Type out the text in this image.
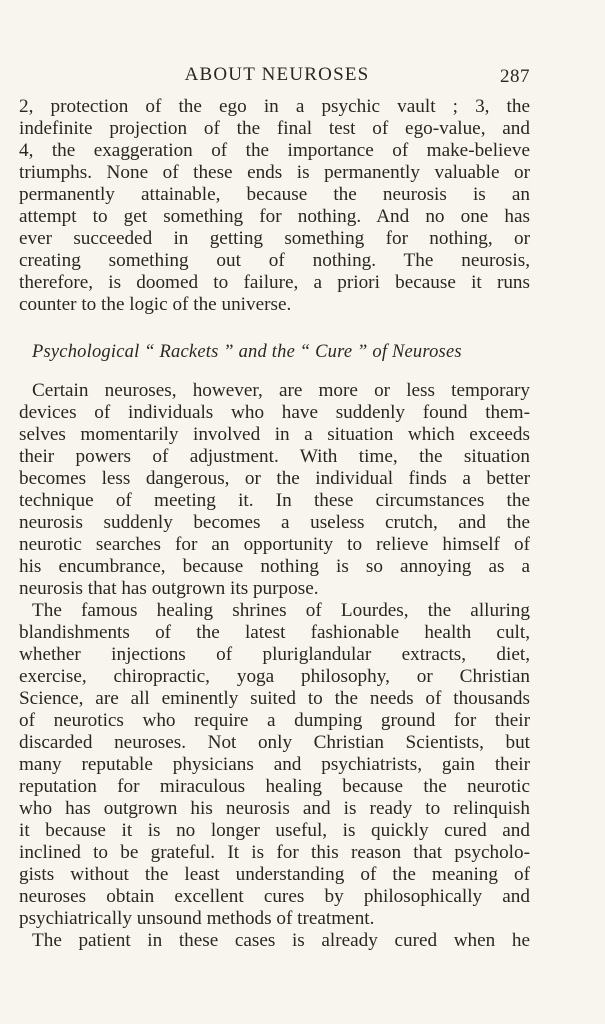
ABOUT NEUROSES	287
2, protection of the ego in a psychic vault ; 3, the
indefinite projection of the final test of ego-value, and
4, the exaggeration of the importance of make-believe
triumphs. None of these ends is permanently valuable or
permanently attainable, because the neurosis is an
attempt to get something for nothing. And no one has
ever succeeded in getting something for nothing, or
creating something out of nothing. The neurosis,
therefore, is doomed to failure, a priori because it runs
counter to the logic of the universe.
Psychological “ Rackets ” and the “ Cure ” of Neuroses
Certain neuroses, however, are more or less temporary
devices of individuals who have suddenly found them-
selves momentarily involved in a situation which exceeds
their powers of adjustment. With time, the situation
becomes less dangerous, or the individual finds a better
technique of meeting it. In these circumstances the
neurosis suddenly becomes a useless crutch, and the
neurotic searches for an opportunity to relieve himself of
his encumbrance, because nothing is so annoying as a
neurosis that has outgrown its purpose.
The famous healing shrines of Lourdes, the alluring
blandishments of the latest fashionable health cult,
whether injections of pluriglandular extracts, diet,
exercise, chiropractic, yoga philosophy, or Christian
Science, are all eminently suited to the needs of thousands
of neurotics who require a dumping ground for their
discarded neuroses. Not only Christian Scientists, but
many reputable physicians and psychiatrists, gain their
reputation for miraculous healing because the neurotic
who has outgrown his neurosis and is ready to relinquish
it because it is no longer useful, is quickly cured and
inclined to be grateful. It is for this reason that psycholo-
gists without the least understanding of the meaning of
neuroses obtain excellent cures by philosophically and
psychiatrically unsound methods of treatment.
The patient in these cases is already cured when he
